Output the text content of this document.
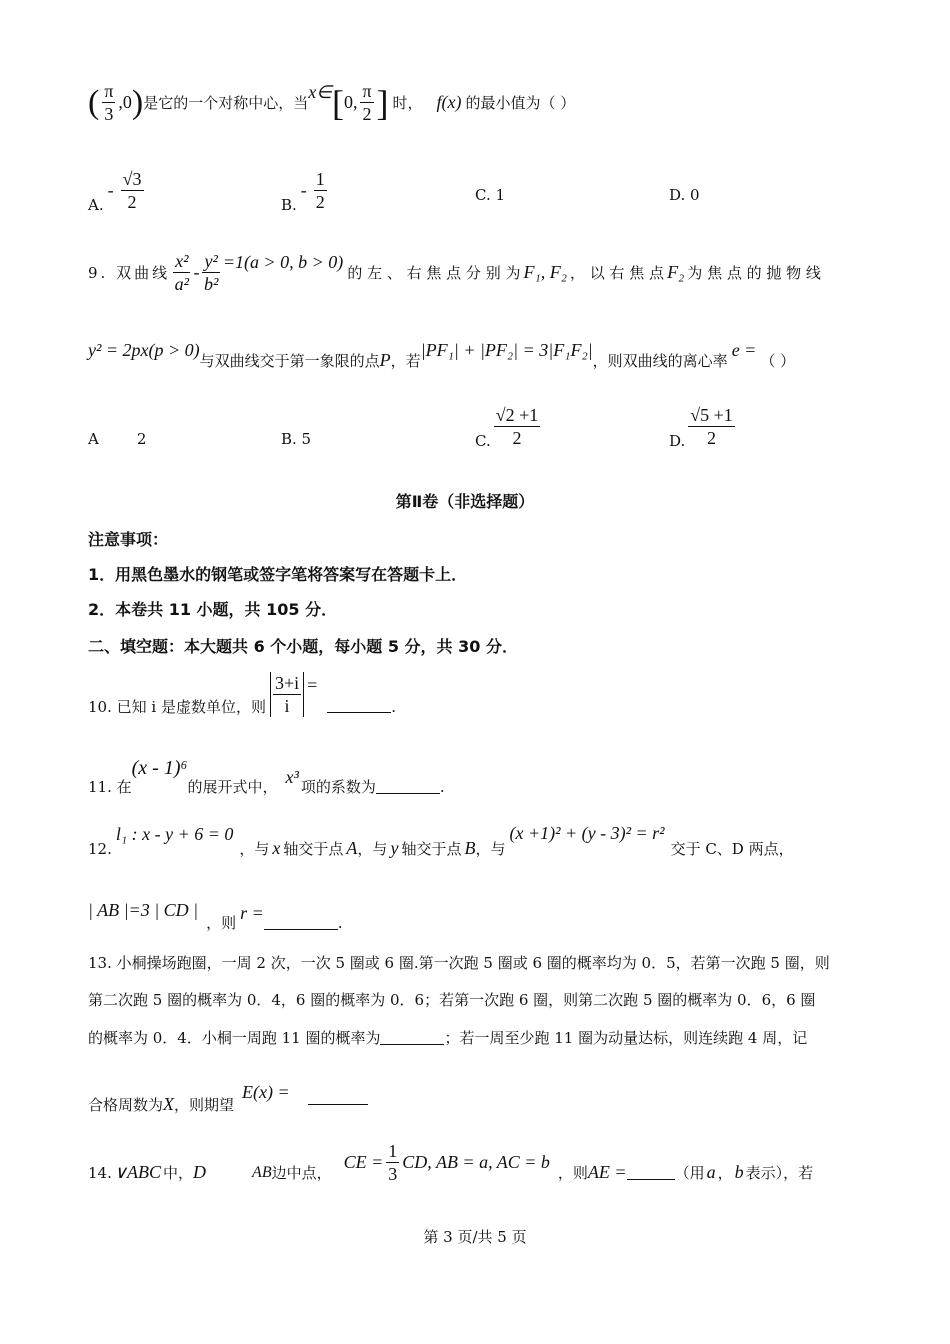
( $\frac{\pi}{3} ,0$ ) 是它的一个对称中心，当
x∈ [ 0, $\frac{\pi}{2}$ ] 时， f(x) 的最小值为（ ）
A.
- $\frac{√3}{2}$	B.
- $\frac{1}{2}$	C. 1	D. 0
9. 双曲线
x²
a²
- $\frac{\text{y²}}{\text{b²}} =1(a > 0$, b > 0)
的 左 、 右 焦 点 分 别 为 F₁, F₂ ， 以 右 焦 点 F₂ 为 焦 点 的 抛 物 线
y² = 2px(p > 0)
与双曲线交于第一象限的点 P ，若
|PF₁| + |PF₂| = 3|F₁F₂|
，则双曲线的离心率
e =
（ ）
A	2	B. 5	C. $\frac{√2 +1}{2}$	D. $\frac{√5 +1}{2}$
第Ⅱ卷（非选择题）
注意事项：
1．用黑色墨水的钢笔或签字笔将答案写在答题卡上．
2．本卷共 11 小题，共 105 分．
二、填空题：本大题共 6 个小题，每小题 5 分，共 30 分．
10. 已知 i 是虚数单位，则 $\frac{3+i}{i}$ =
.
11. 在
(x - 1)⁶
的展开式中， x³ 项的系数为	.
12.
l₁ : x - y + 6 = 0
，与 x 轴交于点 A ，与 y 轴交于点 B ，与
(x +1)² + (y - 3)² = r²
交于 C、D 两点，
| AB |=3 | CD |
，则 r =	.
13. 小桐操场跑圈，一周 2 次，一次 5 圈或 6 圈.第一次跑 5 圈或 6 圈的概率均为 0．5，若第一次跑 5 圈，则
第二次跑 5 圈的概率为 0．4，6 圈的概率为 0．6；若第一次跑 6 圈，则第二次跑 5 圈的概率为 0．6，6 圈
的概率为 0．4．小桐一周跑 11 圈的概率为	；若一周至少跑 11 圈为动量达标，则连续跑 4 周，记
合格周数为 X ，则期望
E(x) =
14. ∨ABC 中， D	AB 边中点，
CE = $\frac{1}{3}$ CD, AB = a, AC = b
，则 AE =	（用 a ， b 表示），若
第 3 页/共 5 页
